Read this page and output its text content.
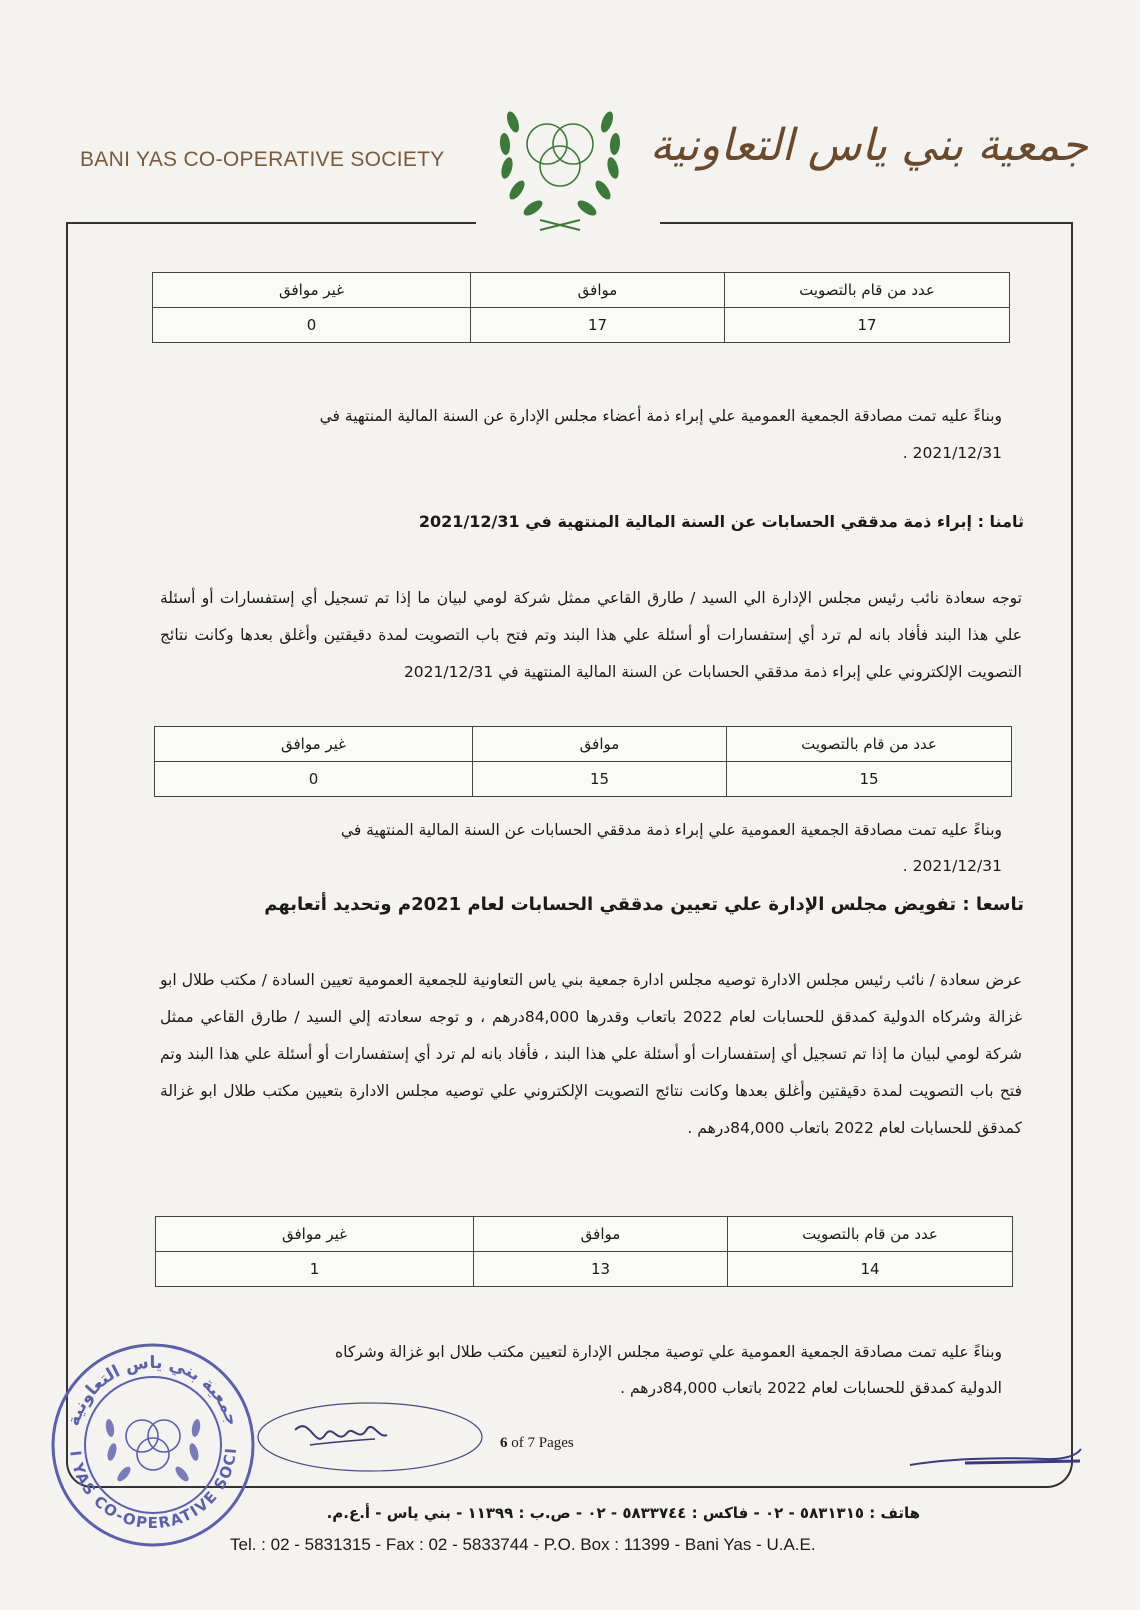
BANI YAS CO-OPERATIVE SOCIETY	جمعية بني ياس التعاونية
عدد من قام بالتصويت	موافق	غير موافق
17	17	0
وبناءً عليه تمت مصادقة الجمعية العمومية علي إبراء ذمة أعضاء مجلس الإدارة عن السنة المالية المنتهية في
2021/12/31 .
ثامنا : إبراء ذمة مدققي الحسابات عن السنة المالية المنتهية في 2021/12/31
توجه سعادة نائب رئيس مجلس الإدارة الي السيد / طارق القاعي ممثل شركة لومي لبيان ما إذا تم تسجيل أي إستفسارات أو أسئلة علي هذا البند فأفاد بانه لم ترد أي إستفسارات أو أسئلة علي هذا البند وتم فتح باب التصويت لمدة دقيقتين وأغلق بعدها وكانت نتائج التصويت الإلكتروني علي إبراء ذمة مدققي الحسابات عن السنة المالية المنتهية في 2021/12/31
عدد من قام بالتصويت	موافق	غير موافق
15	15	0
وبناءً عليه تمت مصادقة الجمعية العمومية علي إبراء ذمة مدققي الحسابات عن السنة المالية المنتهية في
2021/12/31 .
تاسعا : تفويض مجلس الإدارة علي تعيين مدققي الحسابات لعام 2021م وتحديد أتعابهم
عرض سعادة / نائب رئيس مجلس الادارة توصيه مجلس ادارة جمعية بني ياس التعاونية للجمعية العمومية تعيين السادة / مكتب طلال ابو غزالة وشركاه الدولية كمدقق للحسابات لعام 2022 باتعاب وقدرها 84,000درهم ، و توجه سعادته إلي السيد / طارق القاعي ممثل شركة لومي لبيان ما إذا تم تسجيل أي إستفسارات أو أسئلة علي هذا البند ، فأفاد بانه لم ترد أي إستفسارات أو أسئلة علي هذا البند وتم فتح باب التصويت لمدة دقيقتين وأغلق بعدها وكانت نتائج التصويت الإلكتروني علي توصيه مجلس الادارة بتعيين مكتب طلال ابو غزالة كمدقق للحسابات لعام 2022 باتعاب 84,000درهم .
عدد من قام بالتصويت	موافق	غير موافق
14	13	1
وبناءً عليه تمت مصادقة الجمعية العمومية علي توصية مجلس الإدارة لتعيين مكتب طلال ابو غزالة وشركاه
الدولية كمدقق للحسابات لعام 2022 باتعاب 84,000درهم .
6 of 7 Pages
I YAS CO-OPERATIVE SOCI
جمعية بني ياس التعاونية
هاتف : ٥٨٣١٣١٥ - ٠٢ - فاكس : ٥٨٣٣٧٤٤ - ٠٢ - ص.ب : ١١٣٩٩ - بني ياس - أ.ع.م.
Tel. : 02 - 5831315 - Fax : 02 - 5833744 - P.O. Box : 11399 - Bani Yas - U.A.E.
